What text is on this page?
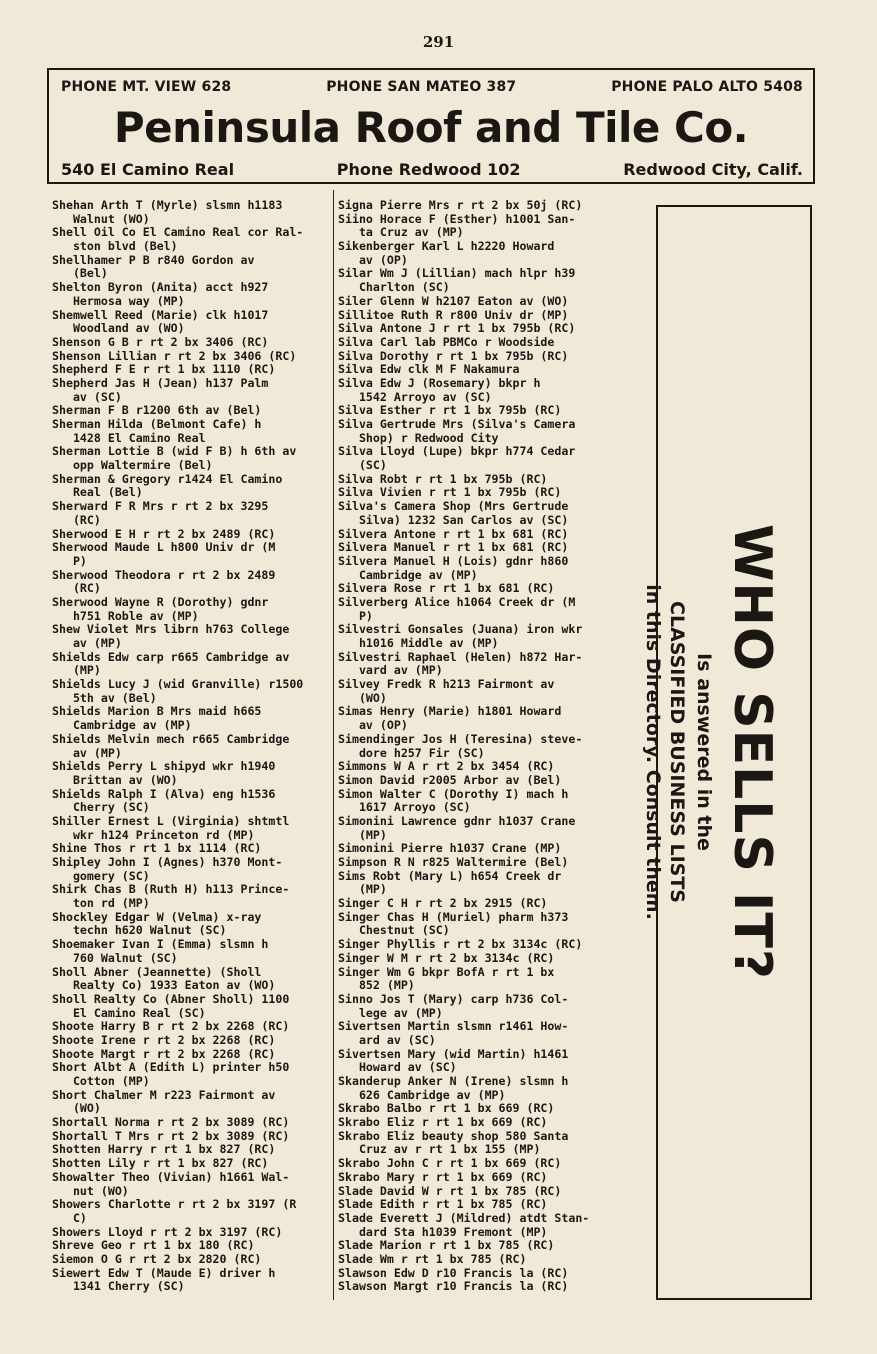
291
PHONE MT. VIEW 628	PHONE SAN MATEO 387	PHONE PALO ALTO 5408
Peninsula Roof and Tile Co.
540 El Camino Real	Phone Redwood 102	Redwood City, Calif.
Shehan Arth T (Myrle) slsmn h1183
Walnut (WO)
Shell Oil Co El Camino Real cor Ral-
ston blvd (Bel)
Shellhamer P B r840 Gordon av
(Bel)
Shelton Byron (Anita) acct h927
Hermosa way (MP)
Shemwell Reed (Marie) clk h1017
Woodland av (WO)
Shenson G B r rt 2 bx 3406 (RC)
Shenson Lillian r rt 2 bx 3406 (RC)
Shepherd F E r rt 1 bx 1110 (RC)
Shepherd Jas H (Jean) h137 Palm
av (SC)
Sherman F B r1200 6th av (Bel)
Sherman Hilda (Belmont Cafe) h
1428 El Camino Real
Sherman Lottie B (wid F B) h 6th av
opp Waltermire (Bel)
Sherman & Gregory r1424 El Camino
Real (Bel)
Sherward F R Mrs r rt 2 bx 3295
(RC)
Sherwood E H r rt 2 bx 2489 (RC)
Sherwood Maude L h800 Univ dr (M
P)
Sherwood Theodora r rt 2 bx 2489
(RC)
Sherwood Wayne R (Dorothy) gdnr
h751 Roble av (MP)
Shew Violet Mrs librn h763 College
av (MP)
Shields Edw carp r665 Cambridge av
(MP)
Shields Lucy J (wid Granville) r1500
5th av (Bel)
Shields Marion B Mrs maid h665
Cambridge av (MP)
Shields Melvin mech r665 Cambridge
av (MP)
Shields Perry L shipyd wkr h1940
Brittan av (WO)
Shields Ralph I (Alva) eng h1536
Cherry (SC)
Shiller Ernest L (Virginia) shtmtl
wkr h124 Princeton rd (MP)
Shine Thos r rt 1 bx 1114 (RC)
Shipley John I (Agnes) h370 Mont-
gomery (SC)
Shirk Chas B (Ruth H) h113 Prince-
ton rd (MP)
Shockley Edgar W (Velma) x-ray
techn h620 Walnut (SC)
Shoemaker Ivan I (Emma) slsmn h
760 Walnut (SC)
Sholl Abner (Jeannette) (Sholl
Realty Co) 1933 Eaton av (WO)
Sholl Realty Co (Abner Sholl) 1100
El Camino Real (SC)
Shoote Harry B r rt 2 bx 2268 (RC)
Shoote Irene r rt 2 bx 2268 (RC)
Shoote Margt r rt 2 bx 2268 (RC)
Short Albt A (Edith L) printer h50
Cotton (MP)
Short Chalmer M r223 Fairmont av
(WO)
Shortall Norma r rt 2 bx 3089 (RC)
Shortall T Mrs r rt 2 bx 3089 (RC)
Shotten Harry r rt 1 bx 827 (RC)
Shotten Lily r rt 1 bx 827 (RC)
Showalter Theo (Vivian) h1661 Wal-
nut (WO)
Showers Charlotte r rt 2 bx 3197 (R
C)
Showers Lloyd r rt 2 bx 3197 (RC)
Shreve Geo r rt 1 bx 180 (RC)
Siemon O G r rt 2 bx 2820 (RC)
Siewert Edw T (Maude E) driver h
1341 Cherry (SC)
Signa Pierre Mrs r rt 2 bx 50j (RC)
Siino Horace F (Esther) h1001 San-
ta Cruz av (MP)
Sikenberger Karl L h2220 Howard
av (OP)
Silar Wm J (Lillian) mach hlpr h39
Charlton (SC)
Siler Glenn W h2107 Eaton av (WO)
Sillitoe Ruth R r800 Univ dr (MP)
Silva Antone J r rt 1 bx 795b (RC)
Silva Carl lab PBMCo r Woodside
Silva Dorothy r rt 1 bx 795b (RC)
Silva Edw clk M F Nakamura
Silva Edw J (Rosemary) bkpr h
1542 Arroyo av (SC)
Silva Esther r rt 1 bx 795b (RC)
Silva Gertrude Mrs (Silva's Camera
Shop) r Redwood City
Silva Lloyd (Lupe) bkpr h774 Cedar
(SC)
Silva Robt r rt 1 bx 795b (RC)
Silva Vivien r rt 1 bx 795b (RC)
Silva's Camera Shop (Mrs Gertrude
Silva) 1232 San Carlos av (SC)
Silvera Antone r rt 1 bx 681 (RC)
Silvera Manuel r rt 1 bx 681 (RC)
Silvera Manuel H (Lois) gdnr h860
Cambridge av (MP)
Silvera Rose r rt 1 bx 681 (RC)
Silverberg Alice h1064 Creek dr (M
P)
Silvestri Gonsales (Juana) iron wkr
h1016 Middle av (MP)
Silvestri Raphael (Helen) h872 Har-
vard av (MP)
Silvey Fredk R h213 Fairmont av
(WO)
Simas Henry (Marie) h1801 Howard
av (OP)
Simendinger Jos H (Teresina) steve-
dore h257 Fir (SC)
Simmons W A r rt 2 bx 3454 (RC)
Simon David r2005 Arbor av (Bel)
Simon Walter C (Dorothy I) mach h
1617 Arroyo (SC)
Simonini Lawrence gdnr h1037 Crane
(MP)
Simonini Pierre h1037 Crane (MP)
Simpson R N r825 Waltermire (Bel)
Sims Robt (Mary L) h654 Creek dr
(MP)
Singer C H r rt 2 bx 2915 (RC)
Singer Chas H (Muriel) pharm h373
Chestnut (SC)
Singer Phyllis r rt 2 bx 3134c (RC)
Singer W M r rt 2 bx 3134c (RC)
Singer Wm G bkpr BofA r rt 1 bx
852 (MP)
Sinno Jos T (Mary) carp h736 Col-
lege av (MP)
Sivertsen Martin slsmn r1461 How-
ard av (SC)
Sivertsen Mary (wid Martin) h1461
Howard av (SC)
Skanderup Anker N (Irene) slsmn h
626 Cambridge av (MP)
Skrabo Balbo r rt 1 bx 669 (RC)
Skrabo Eliz r rt 1 bx 669 (RC)
Skrabo Eliz beauty shop 580 Santa
Cruz av r rt 1 bx 155 (MP)
Skrabo John C r rt 1 bx 669 (RC)
Skrabo Mary r rt 1 bx 669 (RC)
Slade David W r rt 1 bx 785 (RC)
Slade Edith r rt 1 bx 785 (RC)
Slade Everett J (Mildred) atdt Stan-
dard Sta h1039 Fremont (MP)
Slade Marion r rt 1 bx 785 (RC)
Slade Wm r rt 1 bx 785 (RC)
Slawson Edw D r10 Francis la (RC)
Slawson Margt r10 Francis la (RC)
WHO SELLS IT?
Is answered in the
CLASSIFIED BUSINESS LISTS
in this Directory. Consult them.
